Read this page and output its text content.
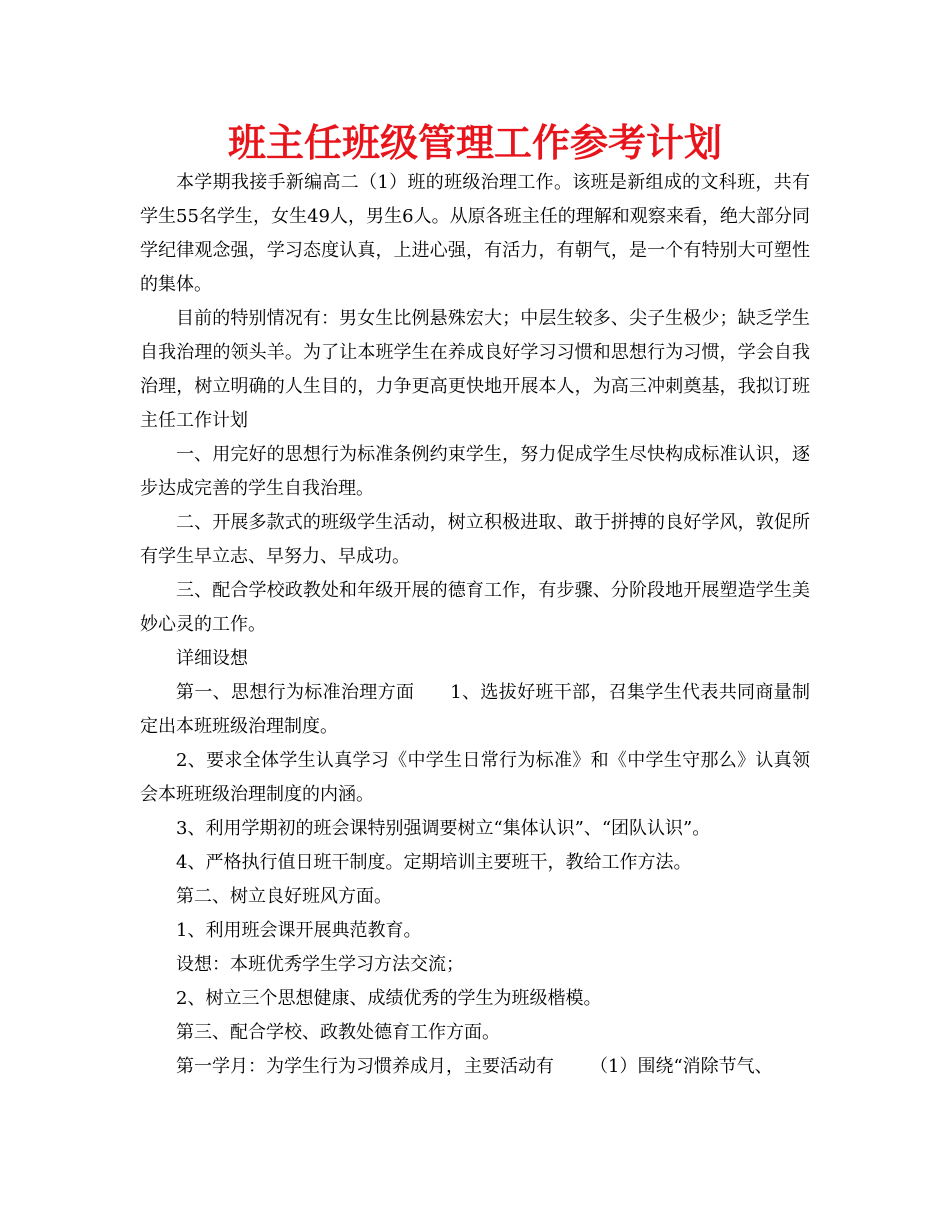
班主任班级管理工作参考计划

本学期我接手新编高二（1）班的班级治理工作。该班是新组成的文科班，共有学生55名学生，女生49人，男生6人。从原各班主任的理解和观察来看，绝大部分同学纪律观念强，学习态度认真，上进心强，有活力，有朝气，是一个有特别大可塑性的集体。

目前的特别情况有：男女生比例悬殊宏大；中层生较多、尖子生极少；缺乏学生自我治理的领头羊。为了让本班学生在养成良好学习习惯和思想行为习惯，学会自我治理，树立明确的人生目的，力争更高更快地开展本人，为高三冲刺奠基，我拟订班主任工作计划

一、用完好的思想行为标准条例约束学生，努力促成学生尽快构成标准认识，逐步达成完善的学生自我治理。

二、开展多款式的班级学生活动，树立积极进取、敢于拼搏的良好学风，敦促所有学生早立志、早努力、早成功。

三、配合学校政教处和年级开展的德育工作，有步骤、分阶段地开展塑造学生美妙心灵的工作。

详细设想

第一、思想行为标准治理方面 1、选拔好班干部，召集学生代表共同商量制定出本班班级治理制度。

2、要求全体学生认真学习《中学生日常行为标准》和《中学生守那么》认真领会本班班级治理制度的内涵。

3、利用学期初的班会课特别强调要树立“集体认识”、“团队认识”。

4、严格执行值日班干制度。定期培训主要班干，教给工作方法。

第二、树立良好班风方面。

1、利用班会课开展典范教育。

设想：本班优秀学生学习方法交流；

2、树立三个思想健康、成绩优秀的学生为班级楷模。

第三、配合学校、政教处德育工作方面。

第一学月：为学生行为习惯养成月，主要活动有 （1）围绕“消除节气、
